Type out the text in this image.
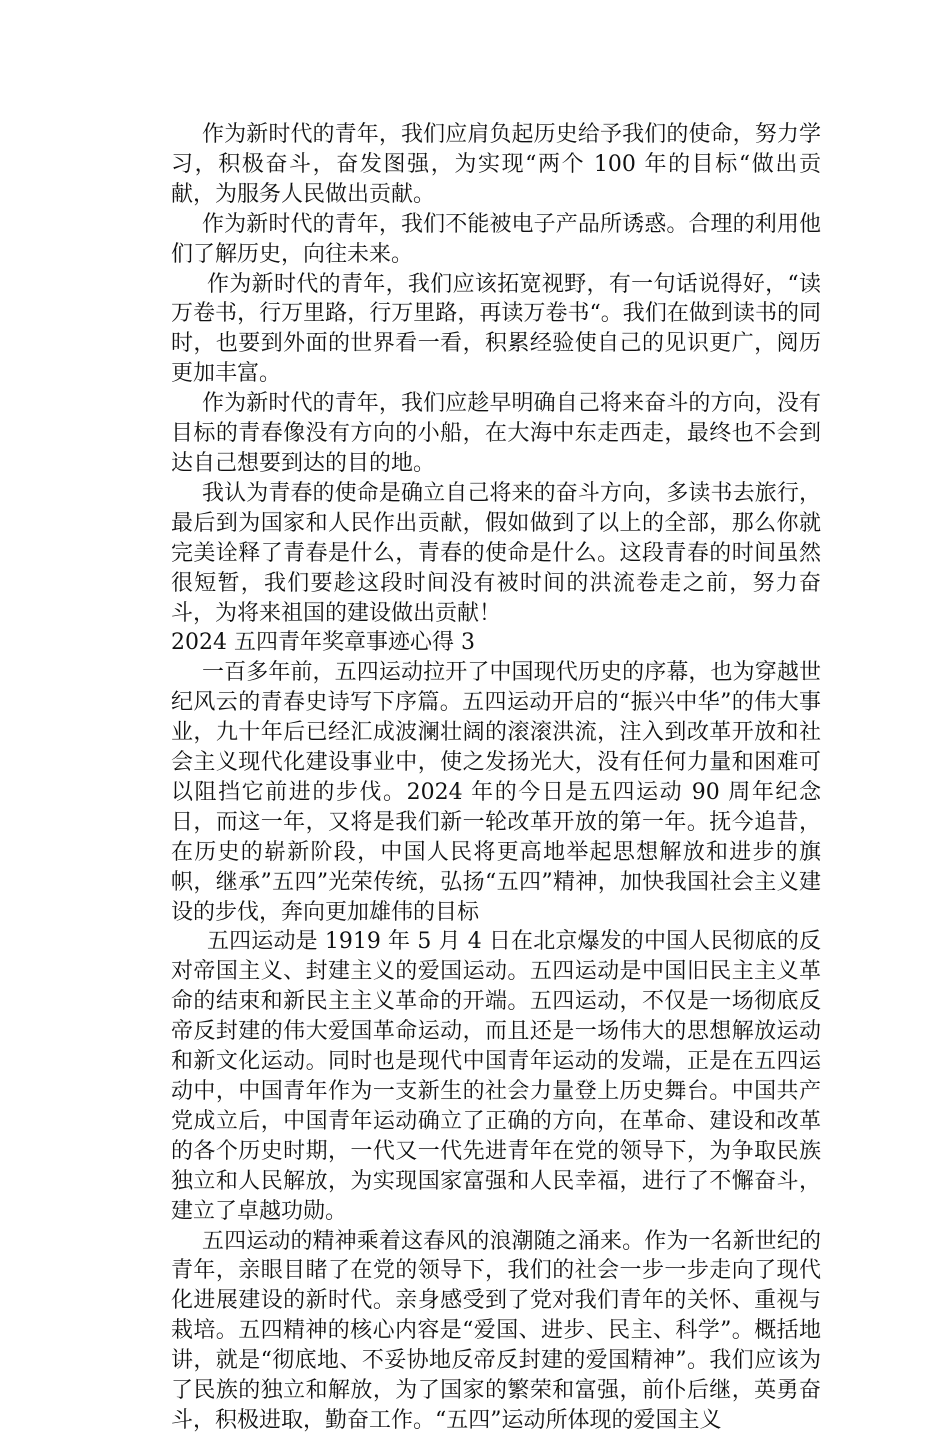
作为新时代的青年，我们应肩负起历史给予我们的使命，努力学习，积极奋斗，奋发图强，为实现“两个 100 年的目标“做出贡献，为服务人民做出贡献。

作为新时代的青年，我们不能被电子产品所诱惑。合理的利用他们了解历史，向往未来。

作为新时代的青年，我们应该拓宽视野，有一句话说得好，“读万卷书，行万里路，行万里路，再读万卷书“。我们在做到读书的同时，也要到外面的世界看一看，积累经验使自己的见识更广，阅历更加丰富。

作为新时代的青年，我们应趁早明确自己将来奋斗的方向，没有目标的青春像没有方向的小船，在大海中东走西走，最终也不会到达自己想要到达的目的地。

我认为青春的使命是确立自己将来的奋斗方向，多读书去旅行，最后到为国家和人民作出贡献，假如做到了以上的全部，那么你就完美诠释了青春是什么，青春的使命是什么。这段青春的时间虽然很短暂，我们要趁这段时间没有被时间的洪流卷走之前，努力奋斗，为将来祖国的建设做出贡献！

2024 五四青年奖章事迹心得 3

一百多年前，五四运动拉开了中国现代历史的序幕，也为穿越世纪风云的青春史诗写下序篇。五四运动开启的“振兴中华”的伟大事业，九十年后已经汇成波澜壮阔的滚滚洪流，注入到改革开放和社会主义现代化建设事业中，使之发扬光大，没有任何力量和困难可以阻挡它前进的步伐。2024 年的今日是五四运动 90 周年纪念日，而这一年，又将是我们新一轮改革开放的第一年。抚今追昔，在历史的崭新阶段，中国人民将更高地举起思想解放和进步的旗帜，继承”五四”光荣传统，弘扬“五四”精神，加快我国社会主义建设的步伐，奔向更加雄伟的目标

五四运动是 1919 年 5 月 4 日在北京爆发的中国人民彻底的反对帝国主义、封建主义的爱国运动。五四运动是中国旧民主主义革命的结束和新民主主义革命的开端。五四运动，不仅是一场彻底反帝反封建的伟大爱国革命运动，而且还是一场伟大的思想解放运动和新文化运动。同时也是现代中国青年运动的发端，正是在五四运动中，中国青年作为一支新生的社会力量登上历史舞台。中国共产党成立后，中国青年运动确立了正确的方向，在革命、建设和改革的各个历史时期，一代又一代先进青年在党的领导下，为争取民族独立和人民解放，为实现国家富强和人民幸福，进行了不懈奋斗，建立了卓越功勋。

五四运动的精神乘着这春风的浪潮随之涌来。作为一名新世纪的青年，亲眼目睹了在党的领导下，我们的社会一步一步走向了现代化进展建设的新时代。亲身感受到了党对我们青年的关怀、重视与栽培。五四精神的核心内容是“爱国、进步、民主、科学”。概括地讲，就是“彻底地、不妥协地反帝反封建的爱国精神”。我们应该为了民族的独立和解放，为了国家的繁荣和富强，前仆后继，英勇奋斗，积极进取，勤奋工作。“五四”运动所体现的爱国主义
